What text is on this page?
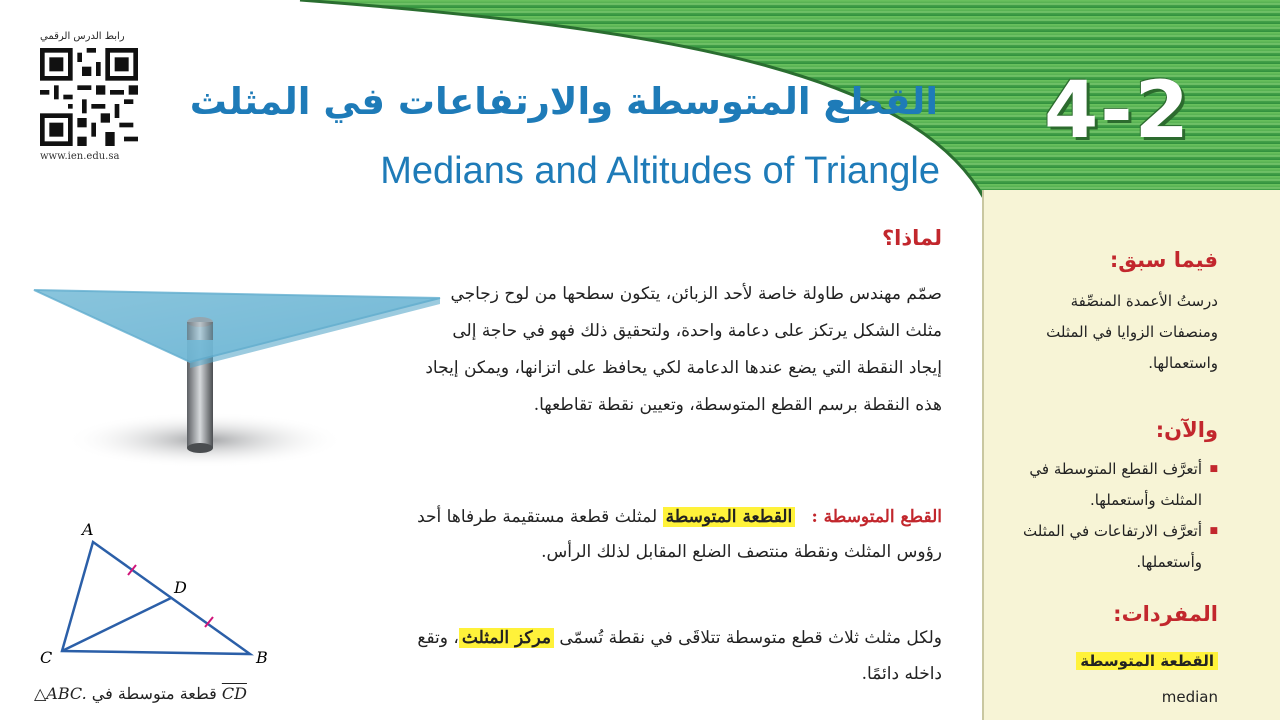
4-2
رابط الدرس الرقمي
www.ien.edu.sa
القطع المتوسطة والارتفاعات في المثلث
Medians and Altitudes of Triangle
لماذا؟

صمّم مهندس طاولة خاصة لأحد الزبائن، يتكون سطحها من لوح زجاجي مثلث الشكل يرتكز على دعامة واحدة، ولتحقيق ذلك فهو في حاجة إلى إيجاد النقطة التي يضع عندها الدعامة لكي يحافظ على اتزانها، ويمكن إيجاد هذه النقطة برسم القطع المتوسطة، وتعيين نقطة تقاطعها.

القطع المتوسطة :   القطعة المتوسطة لمثلث قطعة مستقيمة طرفاها أحد رؤوس المثلث ونقطة منتصف الضلع المقابل لذلك الرأس.
ولكل مثلث ثلاث قطع متوسطة تتلاقَى في نقطة تُسمّى مركز المثلث، وتقع داخله دائمًا.
A
B
C
D
CD قطعة متوسطة في △ABC.
فيما سبق:
درستُ الأعمدة المنصِّفة ومنصفات الزوايا في المثلث واستعمالها.
والآن:
■ أتعرَّف القطع المتوسطة في المثلث وأستعملها.
■ أتعرَّف الارتفاعات في المثلث وأستعملها.
المفردات:
القطعة المتوسطة
median
